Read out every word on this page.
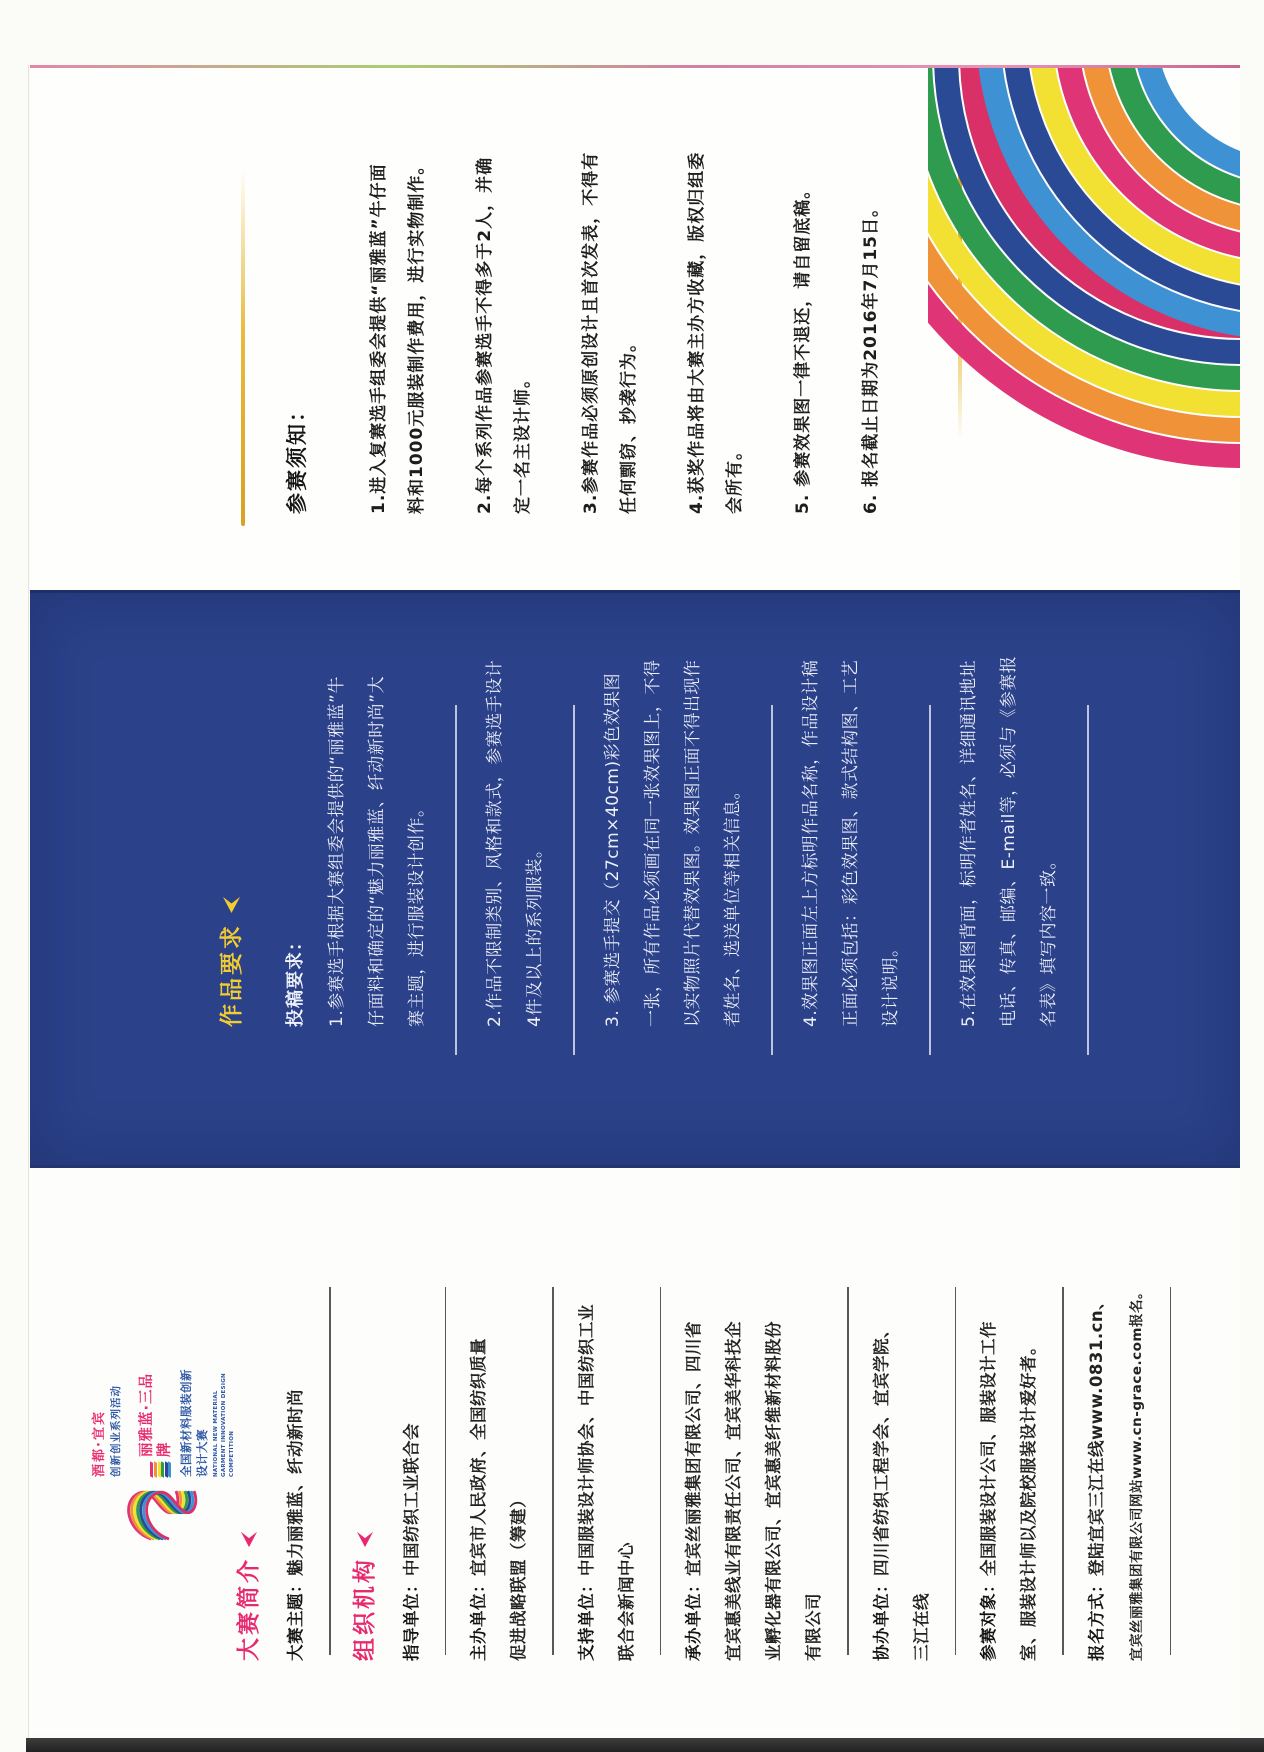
酒都·宜宾 创新创业系列活动 丽雅蓝·三品牌 全国新材料服装创新设计大赛 NATIONAL NEW MATERIAL GARMENT INNOVATION DESIGN COMPETITION
大赛简介	大赛主题：魅力丽雅蓝、纤动新时尚
组织机构	指导单位：中国纺织工业联合会
主办单位：宜宾市人民政府、全国纺织质量	促进战略联盟（筹建）	支持单位：中国服装设计师协会、中国纺织工业
联合会新闻中心	承办单位：宜宾丝丽雅集团有限公司、四川省	宜宾惠美线业有限责任公司、宜宾美华科技企	业孵化器有限公司、宜宾惠美纤维新材料股份	有限公司	协办单位：四川省纺织工程学会、宜宾学院、
三江在线	参赛对象：全国服装设计公司、服装设计工作	室、服装设计师以及院校服装设计爱好者。	报名方式：登陆宜宾三江在线www.0831.cn、	宜宾丝丽雅集团有限公司网站www.cn-grace.com报名。
作品要求	投稿要求：	1.参赛选手根据大赛组委会提供的“丽雅蓝”牛	仔面料和确定的“魅力丽雅蓝、纤动新时尚”大	赛主题，进行服装设计创作。	2.作品不限制类别、风格和款式，参赛选手设计	4件及以上的系列服装。	3. 参赛选手提交（27cm×40cm)彩色效果图	一张，所有作品必须画在同一张效果图上，不得	以实物照片代替效果图。效果图正面不得出现作	者姓名、选送单位等相关信息。	4.效果图正面左上方标明作品名称，作品设计稿	正面必须包括：彩色效果图、款式结构图、工艺	设计说明。	5.在效果图背面，标明作者姓名、详细通讯地址	电话、传真、邮编、E-mail等，必须与《参赛报	名表》填写内容一致。
参赛须知：	1.进入复赛选手组委会提供“丽雅蓝”牛仔面	料和1000元服装制作费用，进行实物制作。	2.每个系列作品参赛选手不得多于2人，并确	定一名主设计师。	3.参赛作品必须原创设计且首次发表，不得有	任何剽窃、抄袭行为。	4.获奖作品将由大赛主办方收藏，版权归组委	会所有。	5. 参赛效果图一律不退还，请自留底稿。	6. 报名截止日期为2016年7月15日。
